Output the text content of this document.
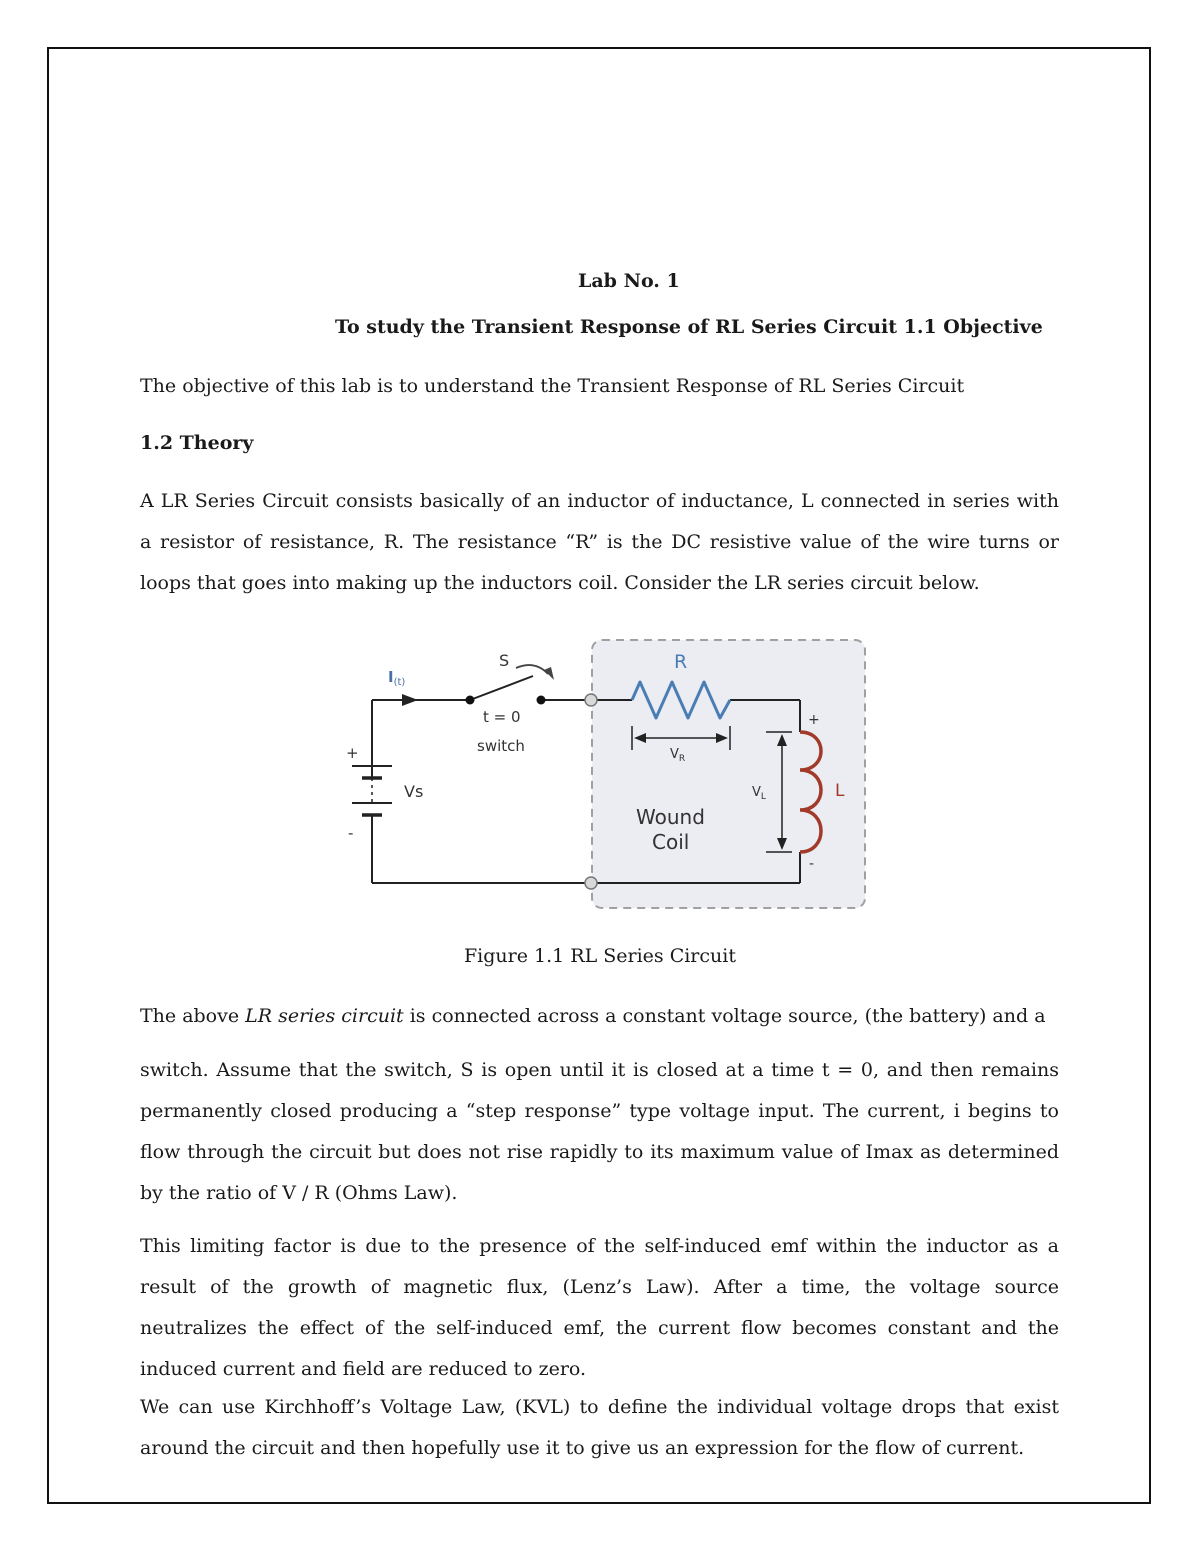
Lab No. 1
To study the Transient Response of RL Series Circuit 1.1 Objective

The objective of this lab is to understand the Transient Response of RL Series Circuit

1.2 Theory

A LR Series Circuit consists basically of an inductor of inductance, L connected in series with a resistor of resistance, R. The resistance “R” is the DC resistive value of the wire turns or loops that goes into making up the inductors coil. Consider the LR series circuit below.

$I_{(t)}$
S
t = 0
switch
R
$V_R$
$V_L$	L
Vs
Wound
Coil
+
-
+
-
Figure 1.1 RL Series Circuit

The above LR series circuit is connected across a constant voltage source, (the battery) and a

switch. Assume that the switch, S is open until it is closed at a time t = 0, and then remains permanently closed producing a “step response” type voltage input. The current, i begins to flow through the circuit but does not rise rapidly to its maximum value of Imax as determined by the ratio of V / R (Ohms Law).

This limiting factor is due to the presence of the self-induced emf within the inductor as a result of the growth of magnetic flux, (Lenz’s Law). After a time, the voltage source neutralizes the effect of the self-induced emf, the current flow becomes constant and the induced current and field are reduced to zero.

We can use Kirchhoff’s Voltage Law, (KVL) to define the individual voltage drops that exist around the circuit and then hopefully use it to give us an expression for the flow of current.
